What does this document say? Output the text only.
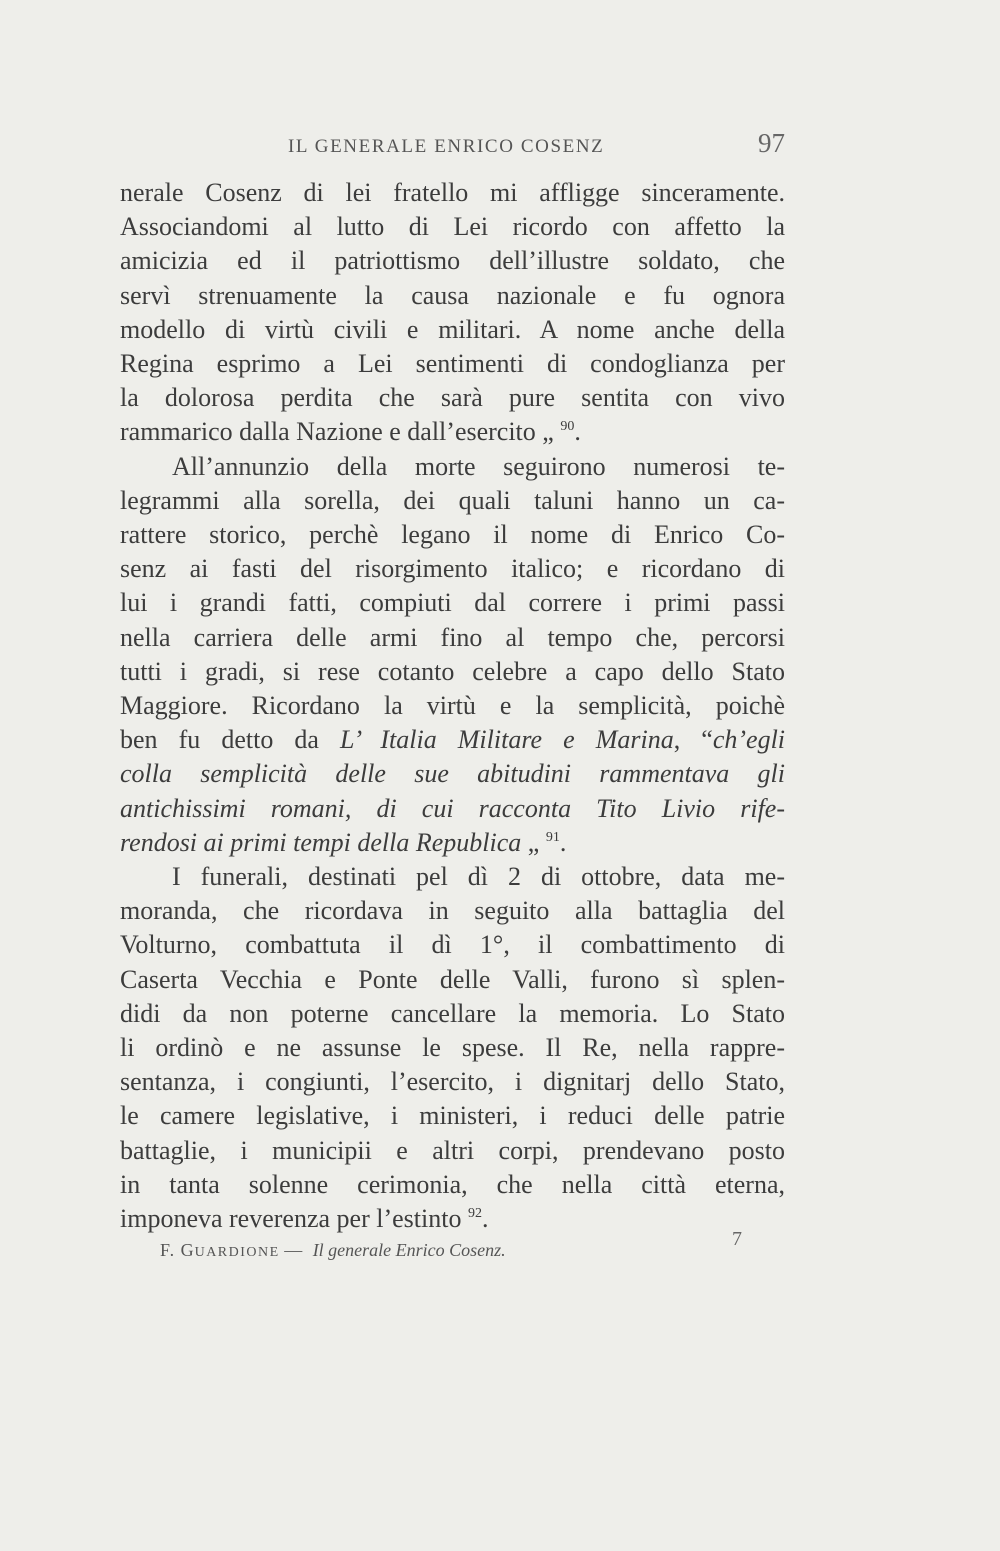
IL GENERALE ENRICO COSENZ	97
nerale Cosenz di lei fratello mi affligge sinceramente.
Associandomi al lutto di Lei ricordo con affetto la
amicizia ed il patriottismo dell’illustre soldato, che
servì strenuamente la causa nazionale e fu ognora
modello di virtù civili e militari. A nome anche della
Regina esprimo a Lei sentimenti di condoglianza per
la dolorosa perdita che sarà pure sentita con vivo
rammarico dalla Nazione e dall’esercito „ $^{90}$.
All’annunzio della morte seguirono numerosi te-
legrammi alla sorella, dei quali taluni hanno un ca-
rattere storico, perchè legano il nome di Enrico Co-
senz ai fasti del risorgimento italico; e ricordano di
lui i grandi fatti, compiuti dal correre i primi passi
nella carriera delle armi fino al tempo che, percorsi
tutti i gradi, si rese cotanto celebre a capo dello Stato
Maggiore. Ricordano la virtù e la semplicità, poichè
ben fu detto da L’ Italia Militare e Marina, “ch’egli
colla semplicità delle sue abitudini rammentava gli
antichissimi romani, di cui racconta Tito Livio rife-
rendosi ai primi tempi della Republica „ $^{91}$.
I funerali, destinati pel dì 2 di ottobre, data me-
moranda, che ricordava in seguito alla battaglia del
Volturno, combattuta il dì 1°, il combattimento di
Caserta Vecchia e Ponte delle Valli, furono sì splen-
didi da non poterne cancellare la memoria. Lo Stato
li ordinò e ne assunse le spese. Il Re, nella rappre-
sentanza, i congiunti, l’esercito, i dignitarj dello Stato,
le camere legislative, i ministeri, i reduci delle patrie
battaglie, i municipii e altri corpi, prendevano posto
in tanta solenne cerimonia, che nella città eterna,
imponeva reverenza per l’estinto $^{92}$.
F. GUARDIONE — Il generale Enrico Cosenz.	7
